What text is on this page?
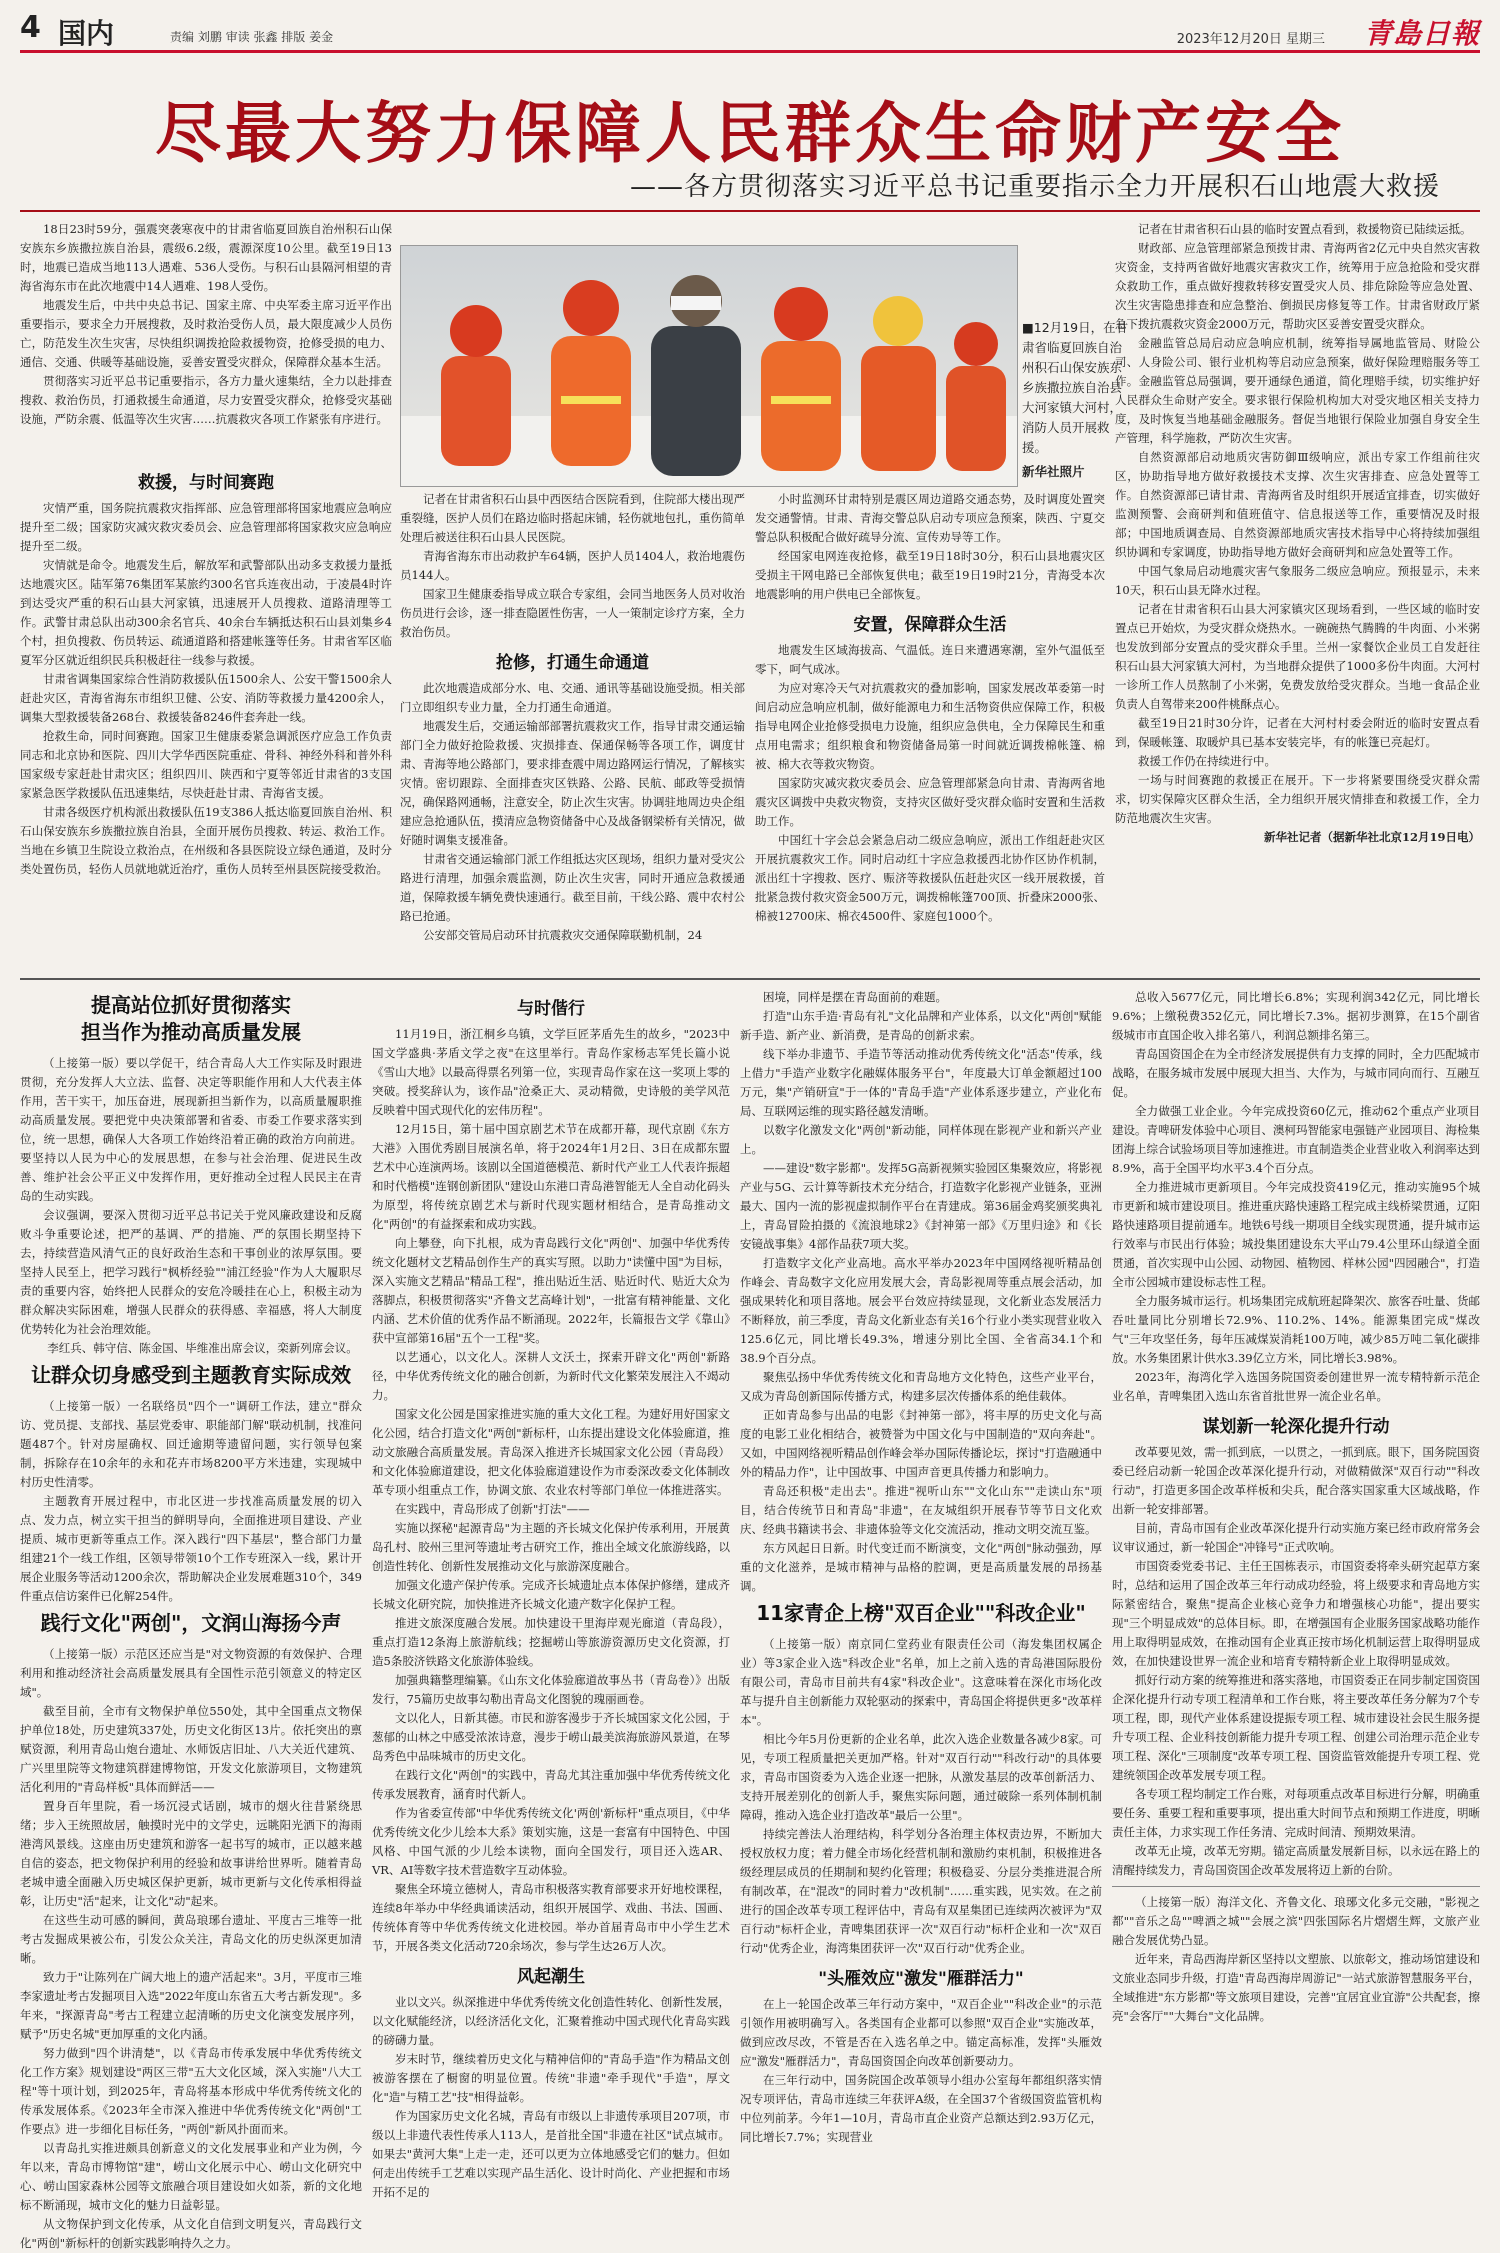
4 国内	责编 刘鹏 审读 张鑫 排版 姜金	2023年12月20日 星期三 青島日報
尽最大努力保障人民群众生命财产安全
——各方贯彻落实习近平总书记重要指示全力开展积石山地震大救援

18日23时59分，强震突袭寒夜中的甘肃省临夏回族自治州积石山保安族东乡族撒拉族自治县，震级6.2级，震源深度10公里。截至19日13时，地震已造成当地113人遇难、536人受伤。与积石山县隔河相望的青海省海东市在此次地震中14人遇难、198人受伤。

地震发生后，中共中央总书记、国家主席、中央军委主席习近平作出重要指示，要求全力开展搜救，及时救治受伤人员，最大限度减少人员伤亡，防范发生次生灾害，尽快组织调拨抢险救援物资，抢修受损的电力、通信、交通、供暖等基础设施，妥善安置受灾群众，保障群众基本生活。

贯彻落实习近平总书记重要指示，各方力量火速集结，全力以赴排查搜救、救治伤员，打通救援生命通道，尽力安置受灾群众，抢修受灾基础设施，严防余震、低温等次生灾害……抗震救灾各项工作紧张有序进行。

■12月19日，在甘肃省临夏回族自治州积石山保安族东乡族撒拉族自治县大河家镇大河村，消防人员开展救援。
新华社照片
救援，与时间赛跑

灾情严重，国务院抗震救灾指挥部、应急管理部将国家地震应急响应提升至二级；国家防灾减灾救灾委员会、应急管理部将国家救灾应急响应提升至二级。

灾情就是命令。地震发生后，解放军和武警部队出动多支救援力量抵达地震灾区。陆军第76集团军某旅约300名官兵连夜出动，于凌晨4时许到达受灾严重的积石山县大河家镇，迅速展开人员搜救、道路清理等工作。武警甘肃总队出动300余名官兵、40余台车辆抵达积石山县刘集乡4个村，担负搜救、伤员转运、疏通道路和搭建帐篷等任务。甘肃省军区临夏军分区就近组织民兵积极赶往一线参与救援。

甘肃省调集国家综合性消防救援队伍1500余人、公安干警1500余人赶赴灾区，青海省海东市组织卫健、公安、消防等救援力量4200余人，调集大型救援装备268台、救援装备8246件套奔赴一线。

抢救生命，同时间赛跑。国家卫生健康委紧急调派医疗应急工作负责同志和北京协和医院、四川大学华西医院重症、骨科、神经外科和普外科国家级专家赶赴甘肃灾区；组织四川、陕西和宁夏等邻近甘肃省的3支国家紧急医学救援队伍迅速集结，尽快赶赴甘肃、青海省支援。

甘肃各级医疗机构派出救援队伍19支386人抵达临夏回族自治州、积石山保安族东乡族撒拉族自治县，全面开展伤员搜救、转运、救治工作。当地在乡镇卫生院设立救治点，在州级和各县医院设立绿色通道，及时分类处置伤员，轻伤人员就地就近治疗，重伤人员转至州县医院接受救治。

记者在甘肃省积石山县中西医结合医院看到，住院部大楼出现严重裂缝，医护人员们在路边临时搭起床铺，轻伤就地包扎，重伤简单处理后被送往积石山县人民医院。

青海省海东市出动救护车64辆，医护人员1404人，救治地震伤员144人。

国家卫生健康委指导成立联合专家组，会同当地医务人员对收治伤员进行会诊，逐一排查隐匿性伤害，一人一策制定诊疗方案，全力救治伤员。

抢修，打通生命通道

此次地震造成部分水、电、交通、通讯等基础设施受损。相关部门立即组织专业力量，全力打通生命通道。

地震发生后，交通运输部部署抗震救灾工作，指导甘肃交通运输部门全力做好抢险救援、灾损排查、保通保畅等各项工作，调度甘肃、青海等地公路部门，要求排查震中周边路网运行情况，了解核实灾情。密切跟踪、全面排查灾区铁路、公路、民航、邮政等受损情况，确保路网通畅，注意安全，防止次生灾害。协调驻地周边央企组建应急抢通队伍，摸清应急物资储备中心及战备钢梁桥有关情况，做好随时调集支援准备。

甘肃省交通运输部门派工作组抵达灾区现场，组织力量对受灾公路进行清理，加强余震监测，防止次生灾害，同时开通应急救援通道，保障救援车辆免费快速通行。截至目前，干线公路、震中农村公路已抢通。

公安部交管局启动环甘抗震救灾交通保障联勤机制，24

小时监测环甘肃特别是震区周边道路交通态势，及时调度处置突发交通警情。甘肃、青海交警总队启动专项应急预案，陕西、宁夏交警总队积极配合做好疏导分流、宣传劝导等工作。

经国家电网连夜抢修，截至19日18时30分，积石山县地震灾区受损主干网电路已全部恢复供电；截至19日19时21分，青海受本次地震影响的用户供电已全部恢复。

安置，保障群众生活

地震发生区域海拔高、气温低。连日来遭遇寒潮，室外气温低至零下，呵气成冰。

为应对寒冷天气对抗震救灾的叠加影响，国家发展改革委第一时间启动应急响应机制，做好能源电力和生活物资供应保障工作，积极指导电网企业抢修受损电力设施，组织应急供电，全力保障民生和重点用电需求；组织粮食和物资储备局第一时间就近调拨棉帐篷、棉被、棉大衣等救灾物资。

国家防灾减灾救灾委员会、应急管理部紧急向甘肃、青海两省地震灾区调拨中央救灾物资，支持灾区做好受灾群众临时安置和生活救助工作。

中国红十字会总会紧急启动二级应急响应，派出工作组赶赴灾区开展抗震救灾工作。同时启动红十字应急救援西北协作区协作机制，派出红十字搜救、医疗、赈济等救援队伍赶赴灾区一线开展救援，首批紧急拨付救灾资金500万元，调拨棉帐篷700顶、折叠床2000张、棉被12700床、棉衣4500件、家庭包1000个。

记者在甘肃省积石山县的临时安置点看到，救援物资已陆续运抵。

财政部、应急管理部紧急预拨甘肃、青海两省2亿元中央自然灾害救灾资金，支持两省做好地震灾害救灾工作，统筹用于应急抢险和受灾群众救助工作，重点做好搜救转移安置受灾人员、排危除险等应急处置、次生灾害隐患排查和应急整治、倒损民房修复等工作。甘肃省财政厅紧急下拨抗震救灾资金2000万元，帮助灾区妥善安置受灾群众。

金融监管总局启动应急响应机制，统筹指导属地监管局、财险公司、人身险公司、银行业机构等启动应急预案，做好保险理赔服务等工作。金融监管总局强调，要开通绿色通道，简化理赔手续，切实维护好人民群众生命财产安全。要求银行保险机构加大对受灾地区相关支持力度，及时恢复当地基础金融服务。督促当地银行保险业加强自身安全生产管理，科学施救，严防次生灾害。

自然资源部启动地质灾害防御Ⅲ级响应，派出专家工作组前往灾区，协助指导地方做好救援技术支撑、次生灾害排查、应急处置等工作。自然资源部已请甘肃、青海两省及时组织开展适宜排查，切实做好监测预警、会商研判和值班值守、信息报送等工作，重要情况及时报部；中国地质调查局、自然资源部地质灾害技术指导中心将持续加强组织协调和专家调度，协助指导地方做好会商研判和应急处置等工作。

中国气象局启动地震灾害气象服务二级应急响应。预报显示，未来10天，积石山县无降水过程。

记者在甘肃省积石山县大河家镇灾区现场看到，一些区域的临时安置点已开始炊，为受灾群众烧热水。一碗碗热气腾腾的牛肉面、小米粥也发放到部分安置点的受灾群众手里。兰州一家餐饮企业员工自发赶往积石山县大河家镇大河村，为当地群众提供了1000多份牛肉面。大河村一诊所工作人员熬制了小米粥，免费发放给受灾群众。当地一食品企业负责人自驾带来200件桃酥点心。

截至19日21时30分许，记者在大河村村委会附近的临时安置点看到，保暖帐篷、取暖炉具已基本安装完毕，有的帐篷已亮起灯。

救援工作仍在持续进行中。

一场与时间赛跑的救援正在展开。下一步将紧要围绕受灾群众需求，切实保障灾区群众生活，全力组织开展灾情排查和救援工作，全力防范地震次生灾害。

新华社记者（据新华社北京12月19日电）

提高站位抓好贯彻落实
担当作为推动高质量发展

（上接第一版）要以学促干，结合青岛人大工作实际及时跟进贯彻，充分发挥人大立法、监督、决定等职能作用和人大代表主体作用，苦干实干，加压奋进，展现新担当新作为，以高质量履职推动高质量发展。要把党中央决策部署和省委、市委工作要求落实到位，统一思想，确保人大各项工作始终沿着正确的政治方向前进。要坚持以人民为中心的发展思想，在参与社会治理、促进民生改善、维护社会公平正义中发挥作用，更好推动全过程人民民主在青岛的生动实践。

会议强调，要深入贯彻习近平总书记关于党风廉政建设和反腐败斗争重要论述，把严的基调、严的措施、严的氛围长期坚持下去，持续营造风清气正的良好政治生态和干事创业的浓厚氛围。要坚持人民至上，把学习践行"枫桥经验""浦江经验"作为人大履职尽责的重要内容，始终把人民群众的安危冷暖挂在心上，积极主动为群众解决实际困难，增强人民群众的获得感、幸福感，将人大制度优势转化为社会治理效能。

李红兵、韩守信、陈金国、毕维准出席会议，栾新列席会议。

让群众切身感受到主题教育实际成效

（上接第一版）一名联络员"四个一"调研工作法，建立"群众访、党员提、支部找、基层党委审、职能部门解"联动机制，找准问题487个。针对房屋确权、回迁逾期等遗留问题，实行领导包案制，拆除存在10余年的永和花卉市场8200平方米违建，实现城中村历史性清零。

主题教育开展过程中，市北区进一步找准高质量发展的切入点、发力点，树立实干担当的鲜明导向，全面推进项目建设、产业提质、城市更新等重点工作。深入践行"四下基层"，整合部门力量组建21个一线工作组，区领导带领10个工作专班深入一线，累计开展企业服务等活动1200余次，帮助解决企业发展难题310个，349件重点信访案件已化解254件。

践行文化"两创"，文润山海扬今声

（上接第一版）示范区还应当是"对文物资源的有效保护、合理利用和推动经济社会高质量发展具有全国性示范引领意义的特定区域"。

截至目前，全市有文物保护单位550处，其中全国重点文物保护单位18处，历史建筑337处，历史文化街区13片。依托突出的禀赋资源，利用青岛山炮台遗址、水师饭店旧址、八大关近代建筑、广兴里里院等文物建筑群建博物馆，开发文化旅游项目，文物建筑活化利用的"青岛样板"具体而鲜活——

置身百年里院，看一场沉浸式话剧，城市的烟火往昔紧绕思绪；步入王统照故居，触摸时光中的文学史，远眺阳光洒下的海雨港湾风景线。这座由历史建筑和游客一起书写的城市，正以越来越自信的姿态，把文物保护利用的经验和故事讲给世界听。随着青岛老城申遗全面融入历史城区保护更新，城市更新与文化传承相得益彰，让历史"活"起来，让文化"动"起来。

在这些生动可感的瞬间，黄岛琅琊台遗址、平度古三堆等一批考古发掘成果被公布，引发公众关注，青岛文化的历史纵深更加清晰。

致力于"让陈列在广阔大地上的遗产活起来"。3月，平度市三堆李家遗址考古发掘项目入选"2022年度山东省五大考古新发现"。多年来，"探源青岛"考古工程建立起清晰的历史文化演变发展序列，赋予"历史名城"更加厚重的文化内涵。

努力做到"四个讲清楚"，以《青岛市传承发展中华优秀传统文化工作方案》规划建设"两区三带"五大文化区域，深入实施"八大工程"等十项计划，到2025年，青岛将基本形成中华优秀传统文化的传承发展体系。《2023年全市深入推进中华优秀传统文化"两创"工作要点》进一步细化目标任务，"两创"新风扑面而来。

以青岛扎实推进颇具创新意义的文化发展事业和产业为例，今年以来，青岛市博物馆"建"，崂山文化展示中心、崂山文化研究中心、崂山国家森林公园等文旅融合项目建设如火如荼，新的文化地标不断涌现，城市文化的魅力日益彰显。

从文物保护到文化传承，从文化自信到文明复兴，青岛践行文化"两创"新标杆的创新实践影响持久之力。

与时偕行

11月19日，浙江桐乡乌镇，文学巨匠茅盾先生的故乡，"2023中国文学盛典·茅盾文学之夜"在这里举行。青岛作家杨志军凭长篇小说《雪山大地》以最高得票名列第一位，实现青岛作家在这一奖项上零的突破。授奖辞认为，该作品"沧桑正大、灵动精微，史诗般的美学风范反映着中国式现代化的宏伟历程"。

12月15日，第十届中国京剧艺术节在成都开幕，现代京剧《东方大港》入围优秀剧目展演名单，将于2024年1月2日、3日在成都东盟艺术中心连演两场。该剧以全国道德模范、新时代产业工人代表许振超和时代楷模"连钢创新团队"建设山东港口青岛港智能无人全自动化码头为原型，将传统京剧艺术与新时代现实题材相结合，是青岛推动文化"两创"的有益探索和成功实践。

向上攀登，向下扎根，成为青岛践行文化"两创"、加强中华优秀传统文化题材文艺精品创作生产的真实写照。以助力"读懂中国"为目标，深入实施文艺精品"精品工程"，推出贴近生活、贴近时代、贴近大众为落脚点，积极贯彻落实"齐鲁文艺高峰计划"，一批富有精神能量、文化内涵、艺术价值的优秀作品不断涌现。2022年，长篇报告文学《靠山》获中宣部第16届"五个一工程"奖。

以艺通心，以文化人。深耕人文沃土，探索开辟文化"两创"新路径，中华优秀传统文化的融合创新，为新时代文化繁荣发展注入不竭动力。

国家文化公园是国家推进实施的重大文化工程。为建好用好国家文化公园，结合打造文化"两创"新标杆，山东提出建设文化体验廊道，推动文旅融合高质量发展。青岛深入推进齐长城国家文化公园（青岛段）和文化体验廊道建设，把文化体验廊道建设作为市委深改委文化体制改革专项小组重点工作，协调文旅、农业农村等部门单位一体推进落实。

在实践中，青岛形成了创新"打法"——

实施以探秘"起源青岛"为主题的齐长城文化保护传承利用，开展黄岛孔村、胶州三里河等遗址考古研究工作，推出全域文化旅游线路，以创造性转化、创新性发展推动文化与旅游深度融合。

加强文化遗产保护传承。完成齐长城遗址点本体保护修缮，建成齐长城文化研究院，加快推进齐长城文化遗产数字化保护工程。

推进文旅深度融合发展。加快建设干里海岸观光廊道（青岛段），重点打造12条海上旅游航线；挖掘崂山等旅游资源历史文化资源，打造5条胶济铁路文化旅游体验线。

加强典籍整理编纂。《山东文化体验廊道故事丛书（青岛卷）》出版发行，75篇历史故事勾勒出青岛文化图貌的瑰丽画卷。

文以化人，日新其德。市民和游客漫步于齐长城国家文化公园，于葱郁的山林之中感受浓浓诗意，漫步于崂山最美滨海旅游风景道，在琴岛秀色中品味城市的历史文化。

在践行文化"两创"的实践中，青岛尤其注重加强中华优秀传统文化传承发展教育，涵育时代新人。

作为省委宣传部"中华优秀传统文化'两创'新标杆"重点项目，《中华优秀传统文化少儿绘本大系》策划实施，这是一套富有中国特色、中国风格、中国气派的少儿绘本读物，面向全国发行，项目还入选AR、VR、AI等数字技术营造数字互动体验。

聚焦全环境立德树人，青岛市积极落实教育部要求开好地校课程，连续8年举办中华经典诵读活动，组织开展国学、戏曲、书法、国画、传统体育等中华优秀传统文化进校园。举办首届青岛市中小学生艺术节，开展各类文化活动720余场次，参与学生达26万人次。

风起潮生

业以文兴。纵深推进中华优秀传统文化创造性转化、创新性发展，以文化赋能经济，以经济活化文化，汇聚着推动中国式现代化青岛实践的磅礴力量。

岁末时节，继续着历史文化与精神信仰的"青岛手造"作为精品文创被游客摆在了橱窗的明显位置。传统"非遗"牵手现代"手造"，厚文化"造"与精工艺"技"相得益彰。

作为国家历史文化名城，青岛有市级以上非遗传承项目207项，市级以上非遗代表性传承人113人，是首批全国"非遗在社区"试点城市。如果去"黄河大集"上走一走，还可以更为立体地感受它们的魅力。但如何走出传统手工艺难以实现产品生活化、设计时尚化、产业把握和市场开拓不足的

困境，同样是摆在青岛面前的难题。

打造"山东手造·青岛有礼"文化品牌和产业体系，以文化"两创"赋能新手造、新产业、新消费，是青岛的创新求索。

线下举办非遗节、手造节等活动推动优秀传统文化"活态"传承，线上借力"手造产业数字化融媒体服务平台"，年度最大订单金额超过100万元，集"产销研宣"于一体的"青岛手造"产业体系逐步建立，产业化布局、互联网运维的现实路径越发清晰。

以数字化激发文化"两创"新动能，同样体现在影视产业和新兴产业上。

——建设"数字影都"。发挥5G高新视频实验园区集聚效应，将影视产业与5G、云计算等新技术充分结合，打造数字化影视产业链条，亚洲最大、国内一流的影视虚拟制作平台在青建成。第36届金鸡奖颁奖典礼上，青岛冒险拍摄的《流浪地球2》《封神第一部》《万里归途》和《长安镜战事集》4部作品获7项大奖。

打造数字文化产业高地。高水平举办2023年中国网络视听精品创作峰会、青岛数字文化应用发展大会，青岛影视周等重点展会活动，加强成果转化和项目落地。展会平台效应持续显现，文化新业态发展活力不断释放，前三季度，青岛文化新业态有关16个行业小类实现营业收入125.6亿元，同比增长49.3%，增速分别比全国、全省高34.1个和38.9个百分点。

聚焦弘扬中华优秀传统文化和青岛地方文化特色，这些产业平台，又成为青岛创新国际传播方式，构建多层次传播体系的绝佳载体。

正如青岛参与出品的电影《封神第一部》，将丰厚的历史文化与高度的电影工业化相结合，被赞誉为中国文化与中国制造的"双向奔赴"。又如，中国网络视听精品创作峰会举办国际传播论坛，探讨"打造融通中外的精品力作"，让中国故事、中国声音更具传播力和影响力。

青岛还积极"走出去"。推进"视听山东""文化山东""走读山东"项目，结合传统节日和青岛"非遗"，在友城组织开展春节等节日文化欢庆、经典书籍读书会、非遗体验等文化交流活动，推动文明交流互鉴。

东方风起日日新。时代变迁而不断演变，文化"两创"脉动强劲，厚重的文化滋养，是城市精神与品格的腔调，更是高质量发展的昂扬基调。

11家青企上榜"双百企业""科改企业"

（上接第一版）南京同仁堂药业有限责任公司（海发集团权属企业）等3家企业入选"科改企业"名单，加上之前入选的青岛港国际股份有限公司，青岛市目前共有4家"科改企业"。这意味着在深化市场化改革与提升自主创新能力双轮驱动的探索中，青岛国企将提供更多"改革样本"。

相比今年5月份更新的企业名单，此次入选企业数量各减少8家。可见，专项工程质量把关更加严格。针对"双百行动""科改行动"的具体要求，青岛市国资委为入选企业逐一把脉，从激发基层的改革创新活力、支持开展差别化的创新人手，聚焦实际问题，通过破除一系列体制机制障碍，推动入选企业打造改革"最后一公里"。

持续完善法人治理结构，科学划分各治理主体权责边界，不断加大授权放权力度；着力健全市场化经营机制和激励约束机制，积极推进各级经理层成员的任期制和契约化管理；积极稳妥、分层分类推进混合所有制改革，在"混改"的同时着力"改机制"……重实践，见实效。在之前进行的国企改革专项工程评估中，青岛有双星集团已连续两次被评为"双百行动"标杆企业，青啤集团获评一次"双百行动"标杆企业和一次"双百行动"优秀企业，海湾集团获评一次"双百行动"优秀企业。

"头雁效应"激发"雁群活力"

在上一轮国企改革三年行动方案中，"双百企业""科改企业"的示范引领作用被明确写入。各类国有企业都可以参照"双百企业"实施改革，做到应改尽改，不管是否在入选名单之中。锚定高标准，发挥"头雁效应"激发"雁群活力"，青岛国资国企向改革创新要动力。

在三年行动中，国务院国企改革领导小组办公室每年都组织落实情况专项评估，青岛市连续三年获评A级，在全国37个省级国资监管机构中位列前茅。今年1—10月，青岛市直企业资产总额达到2.93万亿元，同比增长7.7%；实现营业

总收入5677亿元，同比增长6.8%；实现利润342亿元，同比增长9.6%；上缴税费352亿元，同比增长7.3%。据初步测算，在15个副省级城市市直国企收入排名第八，利润总额排名第三。

青岛国资国企在为全市经济发展提供有力支撑的同时，全力匹配城市战略，在服务城市发展中展现大担当、大作为，与城市同向而行、互融互促。

全力做强工业企业。今年完成投资60亿元，推动62个重点产业项目建设。青啤研发体验中心项目、澳柯玛智能家电强链产业园项目、海检集团海上综合试验场项目等加速推进。市直制造类企业营业收入利润率达到8.9%，高于全国平均水平3.4个百分点。

全力推进城市更新项目。今年完成投资419亿元，推动实施95个城市更新和城市建设项目。推进重庆路快速路工程完成主线桥梁贯通，辽阳路快速路项目提前通车。地铁6号线一期项目全线实现贯通，提升城市运行效率与市民出行体验；城投集团建设东大平山79.4公里环山绿道全面贯通，首次实现中山公园、动物园、植物园、样林公园"四园融合"，打造全市公园城市建设标志性工程。

全力服务城市运行。机场集团完成航班起降架次、旅客吞吐量、货邮吞吐量同比分别增长72.9%、110.2%、14%。能源集团完成"煤改气"三年攻坚任务，每年压减煤炭消耗100万吨，减少85万吨二氧化碳排放。水务集团累计供水3.39亿立方米，同比增长3.98%。

2023年，海湾化学入选国务院国资委创建世界一流专精特新示范企业名单，青啤集团入选山东省首批世界一流企业名单。

谋划新一轮深化提升行动

改革要见效，需一抓到底，一以贯之，一抓到底。眼下，国务院国资委已经启动新一轮国企改革深化提升行动，对做精做深"双百行动""科改行动"，打造更多国企改革样板和尖兵，配合落实国家重大区域战略，作出新一轮安排部署。

目前，青岛市国有企业改革深化提升行动实施方案已经市政府常务会议审议通过，新一轮国企"冲锋号"正式吹响。

市国资委党委书记、主任王国栋表示，市国资委将牵头研究起草方案时，总结和运用了国企改革三年行动成功经验，将上级要求和青岛地方实际紧密结合，聚焦"提高企业核心竞争力和增强核心功能"，提出要实现"三个明显成效"的总体目标。即，在增强国有企业服务国家战略功能作用上取得明显成效，在推动国有企业真正按市场化机制运营上取得明显成效，在加快建设世界一流企业和培育专精特新企业上取得明显成效。

抓好行动方案的统筹推进和落实落地，市国资委正在同步制定国资国企深化提升行动专项工程清单和工作台账，将主要改革任务分解为7个专项工程，即，现代产业体系建设提振专项工程、城市建设社会民生服务提升专项工程、企业科技创新能力提升专项工程、创建公司治理示范企业专项工程、深化"三项制度"改革专项工程、国资监管效能提升专项工程、党建统领国企改革发展专项工程。

各专项工程均制定工作台账，对每项重点改革目标进行分解，明确重要任务、重要工程和重要事项，提出重大时间节点和预期工作进度，明晰责任主体，力求实现工作任务清、完成时间清、预期效果清。

改革无止境，改革无穷期。锚定高质量发展新目标，以永远在路上的清醒持续发力，青岛国资国企改革发展将迈上新的台阶。

（上接第一版）海洋文化、齐鲁文化、琅琊文化多元交融，"影视之都""音乐之岛""啤酒之城""会展之滨"四张国际名片熠熠生辉，文旅产业融合发展优势凸显。

近年来，青岛西海岸新区坚持以文塑旅、以旅彰文，推动场馆建设和文旅业态同步升级，打造"青岛西海岸周游记"一站式旅游智慧服务平台，全域推进"东方影都"等文旅项目建设，完善"宜居宜业宜游"公共配套，擦亮"会客厅""大舞台"文化品牌。
